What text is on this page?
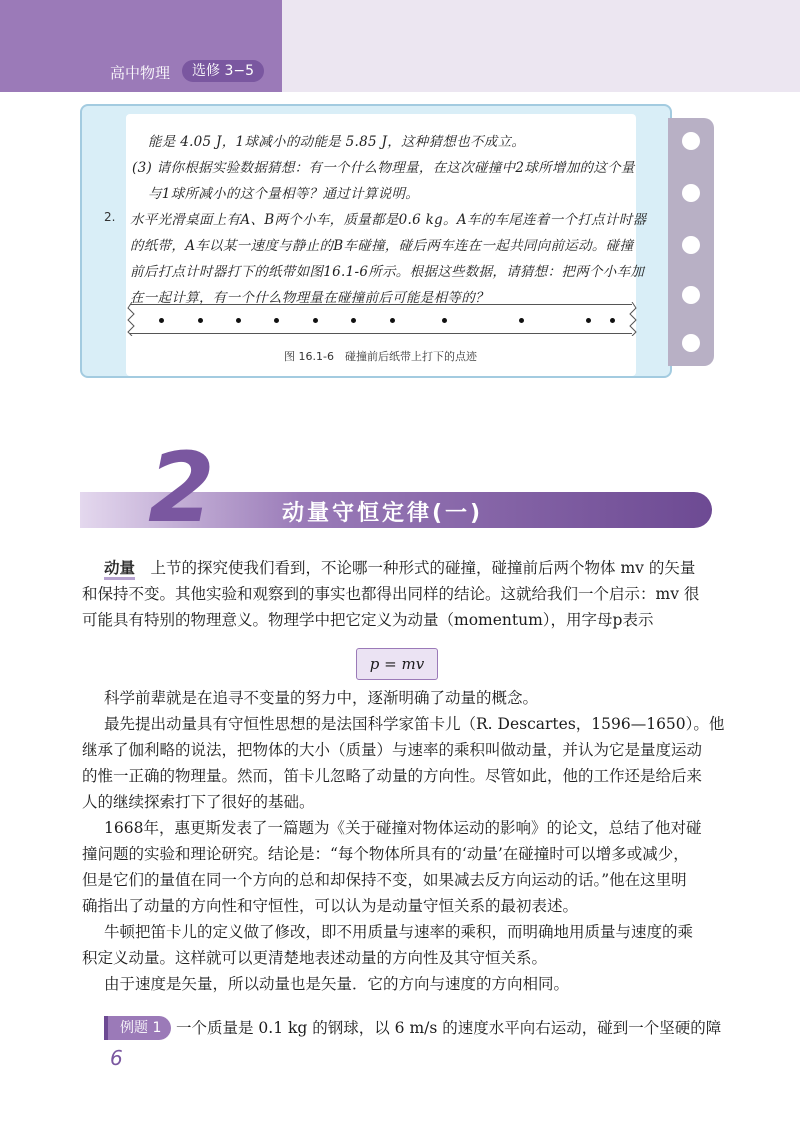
高中物理	选修 3−5
能是 4.05 J，1球减小的动能是 5.85 J，这种猜想也不成立。
(3) 请你根据实验数据猜想：有一个什么物理量，在这次碰撞中2球所增加的这个量
与1球所减小的这个量相等？通过计算说明。
2. 水平光滑桌面上有A、B两个小车，质量都是0.6 kg。A车的车尾连着一个打点计时器
的纸带，A车以某一速度与静止的B车碰撞，碰后两车连在一起共同向前运动。碰撞
前后打点计时器打下的纸带如图16.1-6所示。根据这些数据，请猜想：把两个小车加
在一起计算，有一个什么物理量在碰撞前后可能是相等的？
图 16.1-6　碰撞前后纸带上打下的点迹
2	动量守恒定律(一)
动量　 上节的探究使我们看到，不论哪一种形式的碰撞，碰撞前后两个物体 mv 的矢量
和保持不变。其他实验和观察到的事实也都得出同样的结论。这就给我们一个启示：mv 很
可能具有特别的物理意义。物理学中把它定义为动量（momentum），用字母p表示
p = mv
科学前辈就是在追寻不变量的努力中，逐渐明确了动量的概念。
最先提出动量具有守恒性思想的是法国科学家笛卡儿（R. Descartes，1596—1650）。他
继承了伽利略的说法，把物体的大小（质量）与速率的乘积叫做动量，并认为它是量度运动
的惟一正确的物理量。然而，笛卡儿忽略了动量的方向性。尽管如此，他的工作还是给后来
人的继续探索打下了很好的基础。
1668年，惠更斯发表了一篇题为《关于碰撞对物体运动的影响》的论文，总结了他对碰
撞问题的实验和理论研究。结论是：“每个物体所具有的‘动量’在碰撞时可以增多或减少，
但是它们的量值在同一个方向的总和却保持不变，如果减去反方向运动的话。”他在这里明
确指出了动量的方向性和守恒性，可以认为是动量守恒关系的最初表述。
牛顿把笛卡儿的定义做了修改，即不用质量与速率的乘积，而明确地用质量与速度的乘
积定义动量。这样就可以更清楚地表述动量的方向性及其守恒关系。
由于速度是矢量，所以动量也是矢量．它的方向与速度的方向相同。
例题 1 一个质量是 0.1 kg 的钢球，以 6 m/s 的速度水平向右运动，碰到一个坚硬的障
6
